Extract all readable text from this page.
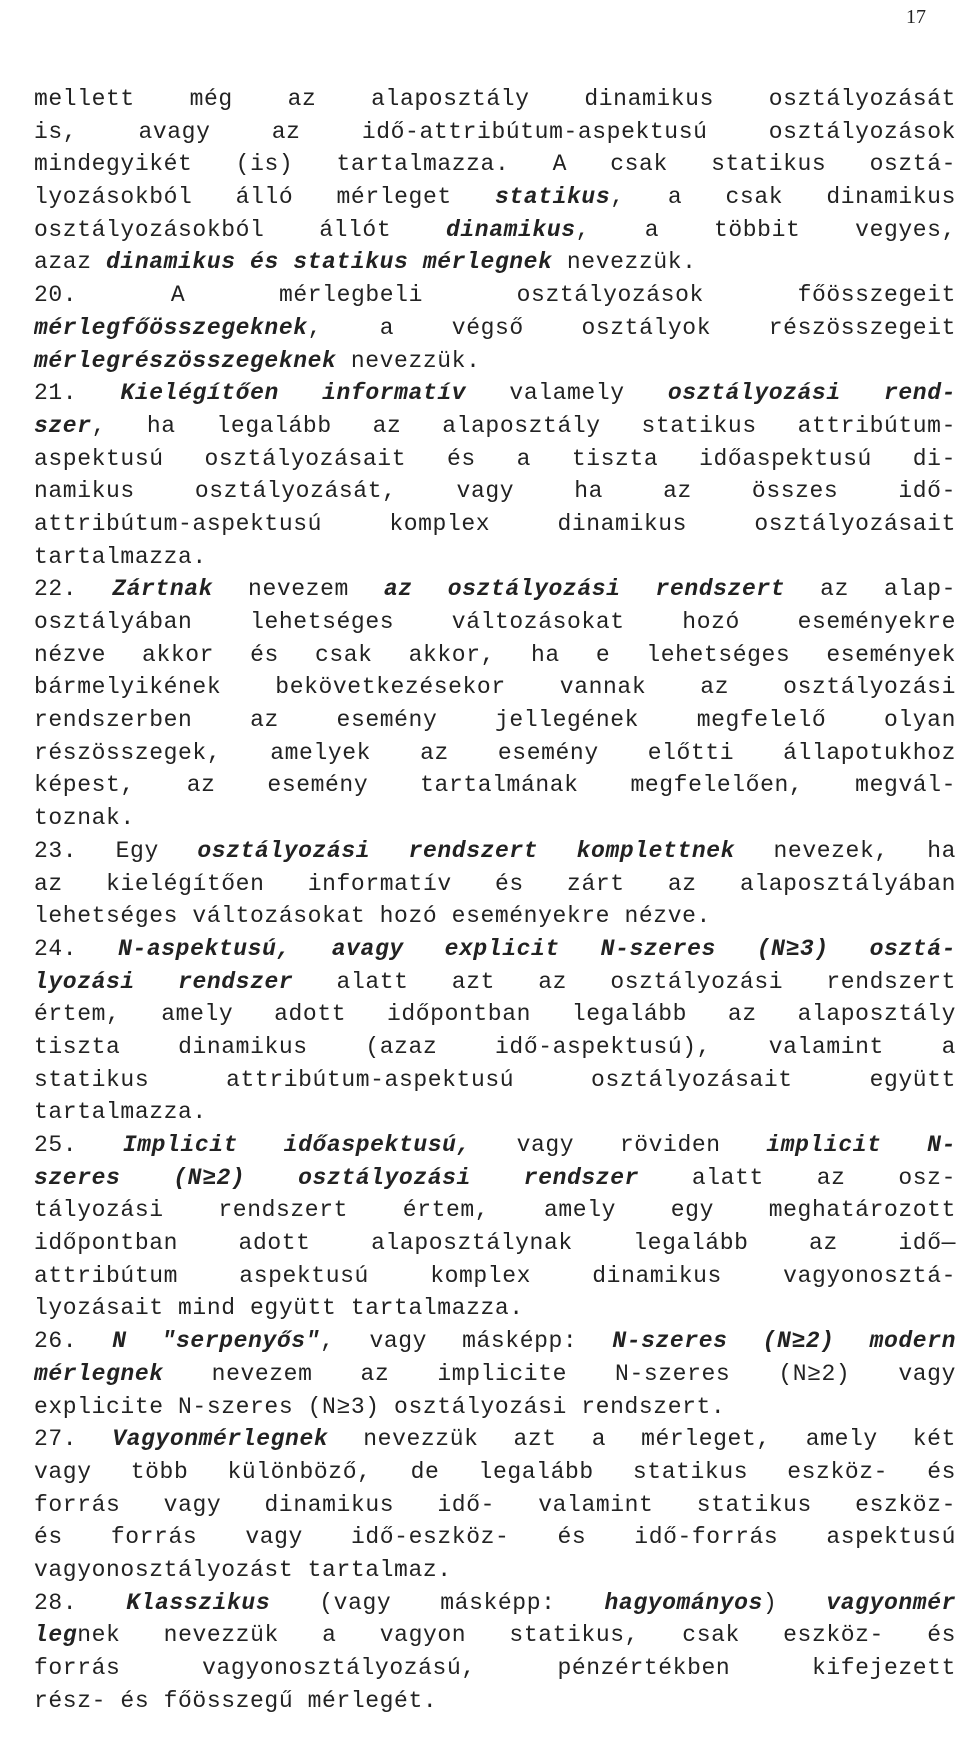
17
mellett még az alaposztály dinamikus osztályozását
is, avagy az idő-attribútum-aspektusú osztályozások
mindegyikét (is) tartalmazza. A csak statikus osztá-
lyozásokból álló mérleget statikus, a csak dinamikus
osztályozásokból állót dinamikus, a többit vegyes,
azaz dinamikus és statikus mérlegnek nevezzük.
20. A mérlegbeli osztályozások főösszegeit
mérlegfőösszegeknek, a végső osztályok részösszegeit
mérlegrészösszegeknek nevezzük.
21. Kielégítően informatív valamely osztályozási rend-
szer, ha legalább az alaposztály statikus attribútum-
aspektusú osztályozásait és a tiszta időaspektusú di-
namikus osztályozását, vagy ha az összes idő-
attribútum-aspektusú komplex dinamikus osztályozásait
tartalmazza.
22. Zártnak nevezem az osztályozási rendszert az alap-
osztályában lehetséges változásokat hozó eseményekre
nézve akkor és csak akkor, ha e lehetséges események
bármelyikének bekövetkezésekor vannak az osztályozási
rendszerben az esemény jellegének megfelelő olyan
részösszegek, amelyek az esemény előtti állapotukhoz
képest, az esemény tartalmának megfelelően, megvál-
toznak.
23. Egy osztályozási rendszert komplettnek nevezek, ha
az kielégítően informatív és zárt az alaposztályában
lehetséges változásokat hozó eseményekre nézve.
24. N-aspektusú, avagy explicit N-szeres (N≥3) osztá-
lyozási rendszer alatt azt az osztályozási rendszert
értem, amely adott időpontban legalább az alaposztály
tiszta dinamikus (azaz idő-aspektusú), valamint a
statikus attribútum-aspektusú osztályozásait együtt
tartalmazza.
25. Implicit időaspektusú, vagy röviden implicit N-
szeres (N≥2) osztályozási rendszer alatt az osz-
tályozási rendszert értem, amely egy meghatározott
időpontban adott alaposztálynak legalább az idő—
attribútum aspektusú komplex dinamikus vagyonosztá-
lyozásait mind együtt tartalmazza.
26. N "serpenyős", vagy másképp: N-szeres (N≥2) modern
mérlegnek nevezem az implicite N-szeres (N≥2) vagy
explicite N-szeres (N≥3) osztályozási rendszert.
27. Vagyonmérlegnek nevezzük azt a mérleget, amely két
vagy több különböző, de legalább statikus eszköz- és
forrás vagy dinamikus idő- valamint statikus eszköz-
és forrás vagy idő-eszköz- és idő-forrás aspektusú
vagyonosztályozást tartalmaz.
28. Klasszikus (vagy másképp: hagyományos) vagyonmér
legnek nevezzük a vagyon statikus, csak eszköz- és
forrás vagyonosztályozású, pénzértékben kifejezett
rész- és főösszegű mérlegét.
